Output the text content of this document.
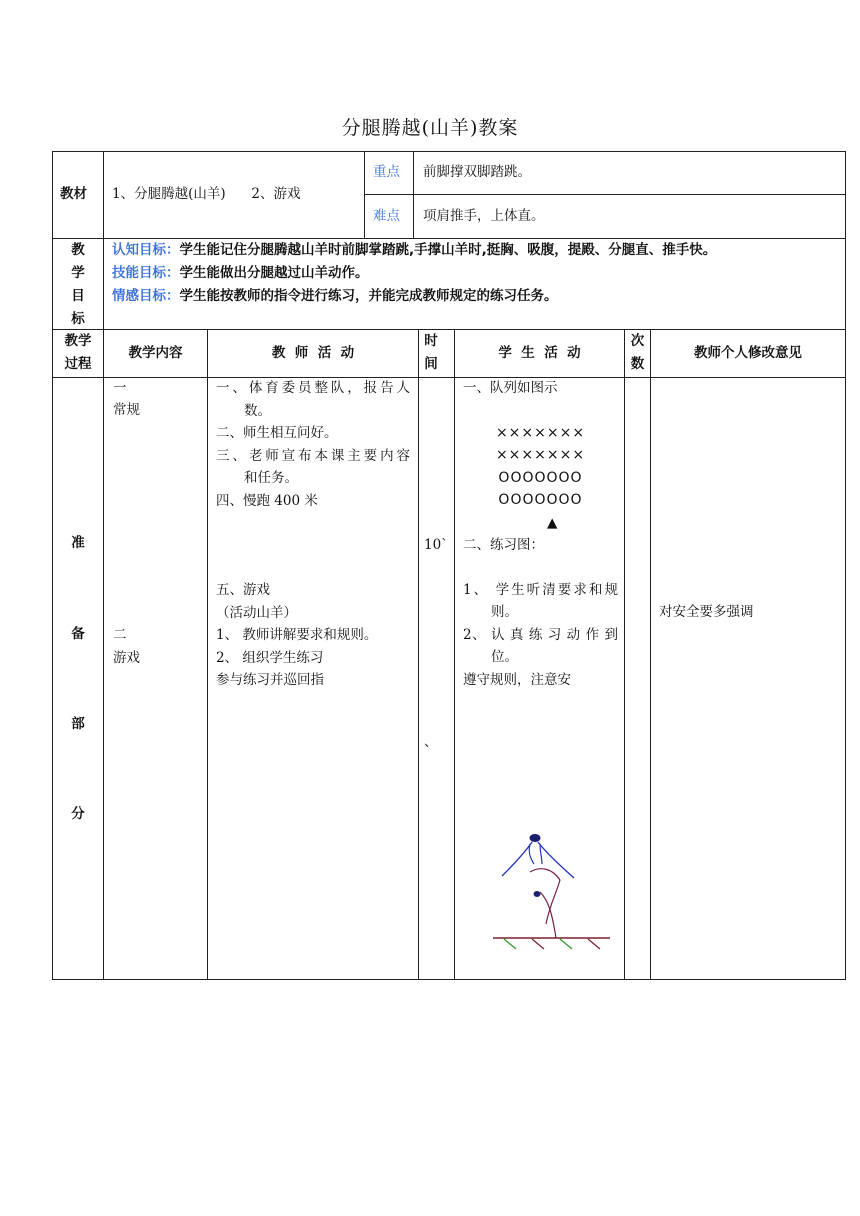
分腿腾越(山羊)教案
教材 1、分腿腾越(山羊)      2、游戏
重点 前脚撑双脚踏跳。
难点 项肩推手，上体直。
教
学
目
标
认知目标：学生能记住分腿腾越山羊时前脚掌踏跳,手撑山羊时,挺胸、吸腹，提殿、分腿直、推手快。
技能目标：学生能做出分腿越过山羊动作。
情感目标：学生能按教师的指令进行练习，并能完成教师规定的练习任务。
教学
过程
教学内容	教  师  活  动
时
间
学  生  活  动
次
数
教师个人修改意见
准
备
部
分
一
常规
二
游戏
一、体育委员整队，报告人
数。
二、师生相互问好。
三、老师宣布本课主要内容
和任务。
四、慢跑 400 米
五、游戏
（活动山羊）
1、 教师讲解要求和规则。
2、 组织学生练习
参与练习并巡回指
10`
、
一、队列如图示
×××××××
×××××××
OOOOOOO
OOOOOOO
▲
二、练习图：
1、 学生听清要求和规
则。
2、 认 真 练 习 动 作 到
位。
遵守规则，注意安
对安全要多强调
